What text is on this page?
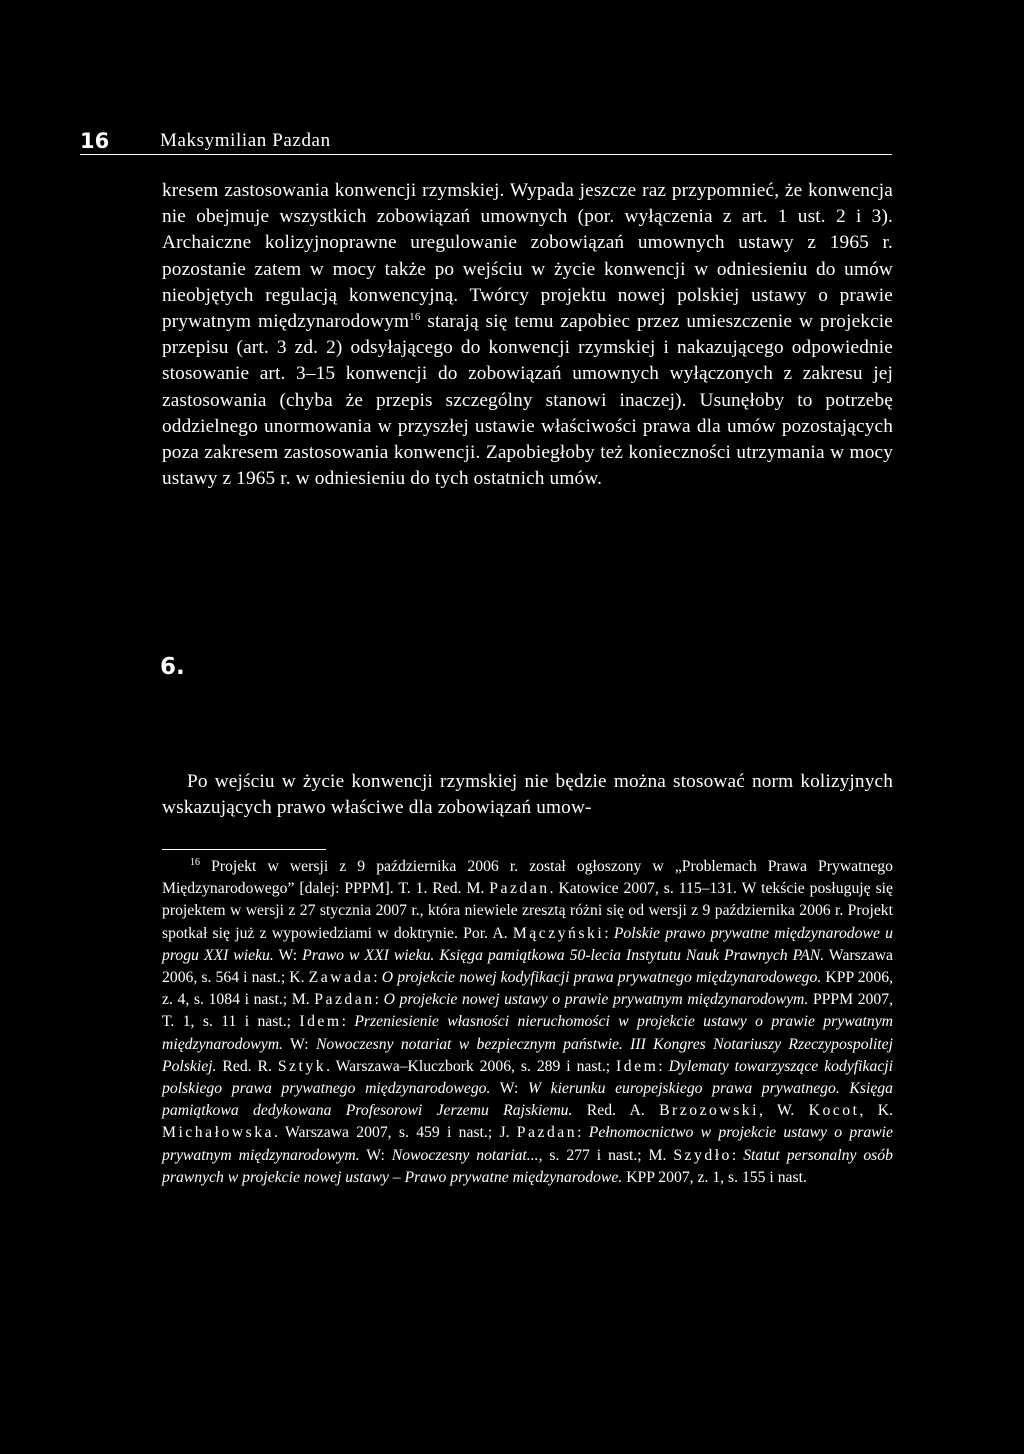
16	Maksymilian Pazdan

kresem zastosowania konwencji rzymskiej. Wypada jeszcze raz przypomnieć, że konwencja nie obejmuje wszystkich zobowiązań umownych (por. wyłączenia z art. 1 ust. 2 i 3). Archaiczne kolizyjnoprawne uregulowanie zobowiązań umownych ustawy z 1965 r. pozostanie zatem w mocy także po wejściu w życie konwencji w odniesieniu do umów nieobjętych regulacją konwencyjną. Twórcy projektu nowej polskiej ustawy o prawie prywatnym międzynarodowym$^{16}$ starają się temu zapobiec przez umieszczenie w projekcie przepisu (art. 3 zd. 2) odsyłającego do konwencji rzymskiej i nakazującego odpowiednie stosowanie art. 3–15 konwencji do zobowiązań umownych wyłączonych z zakresu jej zastosowania (chyba że przepis szczególny stanowi inaczej). Usunęłoby to potrzebę oddzielnego unormowania w przyszłej ustawie właściwości prawa dla umów pozostających poza zakresem zastosowania konwencji. Zapobiegłoby też konieczności utrzymania w mocy ustawy z 1965 r. w odniesieniu do tych ostatnich umów.

6.

Po wejściu w życie konwencji rzymskiej nie będzie można stosować norm kolizyjnych wskazujących prawo właściwe dla zobowiązań umow-

$^{16}$ Projekt w wersji z 9 października 2006 r. został ogłoszony w „Problemach Prawa Prywatnego Międzynarodowego” [dalej: PPPM]. T. 1. Red. M. Pazdan. Katowice 2007, s. 115–131. W tekście posługuję się projektem w wersji z 27 stycznia 2007 r., która niewiele zresztą różni się od wersji z 9 października 2006 r. Projekt spotkał się już z wypowiedziami w doktrynie. Por. A. Mączyński: Polskie prawo prywatne międzynarodowe u progu XXI wieku. W: Prawo w XXI wieku. Księga pamiątkowa 50-lecia Instytutu Nauk Prawnych PAN. Warszawa 2006, s. 564 i nast.; K. Zawada: O projekcie nowej kodyfikacji prawa prywatnego międzynarodowego. KPP 2006, z. 4, s. 1084 i nast.; M. Pazdan: O projekcie nowej ustawy o prawie prywatnym międzynarodowym. PPPM 2007, T. 1, s. 11 i nast.; Idem: Przeniesienie własności nieruchomości w projekcie ustawy o prawie prywatnym międzynarodowym. W: Nowoczesny notariat w bezpiecznym państwie. III Kongres Notariuszy Rzeczypospolitej Polskiej. Red. R. Sztyk. Warszawa–Kluczbork 2006, s. 289 i nast.; Idem: Dylematy towarzyszące kodyfikacji polskiego prawa prywatnego międzynarodowego. W: W kierunku europejskiego prawa prywatnego. Księga pamiątkowa dedykowana Profesorowi Jerzemu Rajskiemu. Red. A. Brzozowski, W. Kocot, K. Michałowska. Warszawa 2007, s. 459 i nast.; J. Pazdan: Pełnomocnictwo w projekcie ustawy o prawie prywatnym międzynarodowym. W: Nowoczesny notariat..., s. 277 i nast.; M. Szydło: Statut personalny osób prawnych w projekcie nowej ustawy – Prawo prywatne międzynarodowe. KPP 2007, z. 1, s. 155 i nast.
